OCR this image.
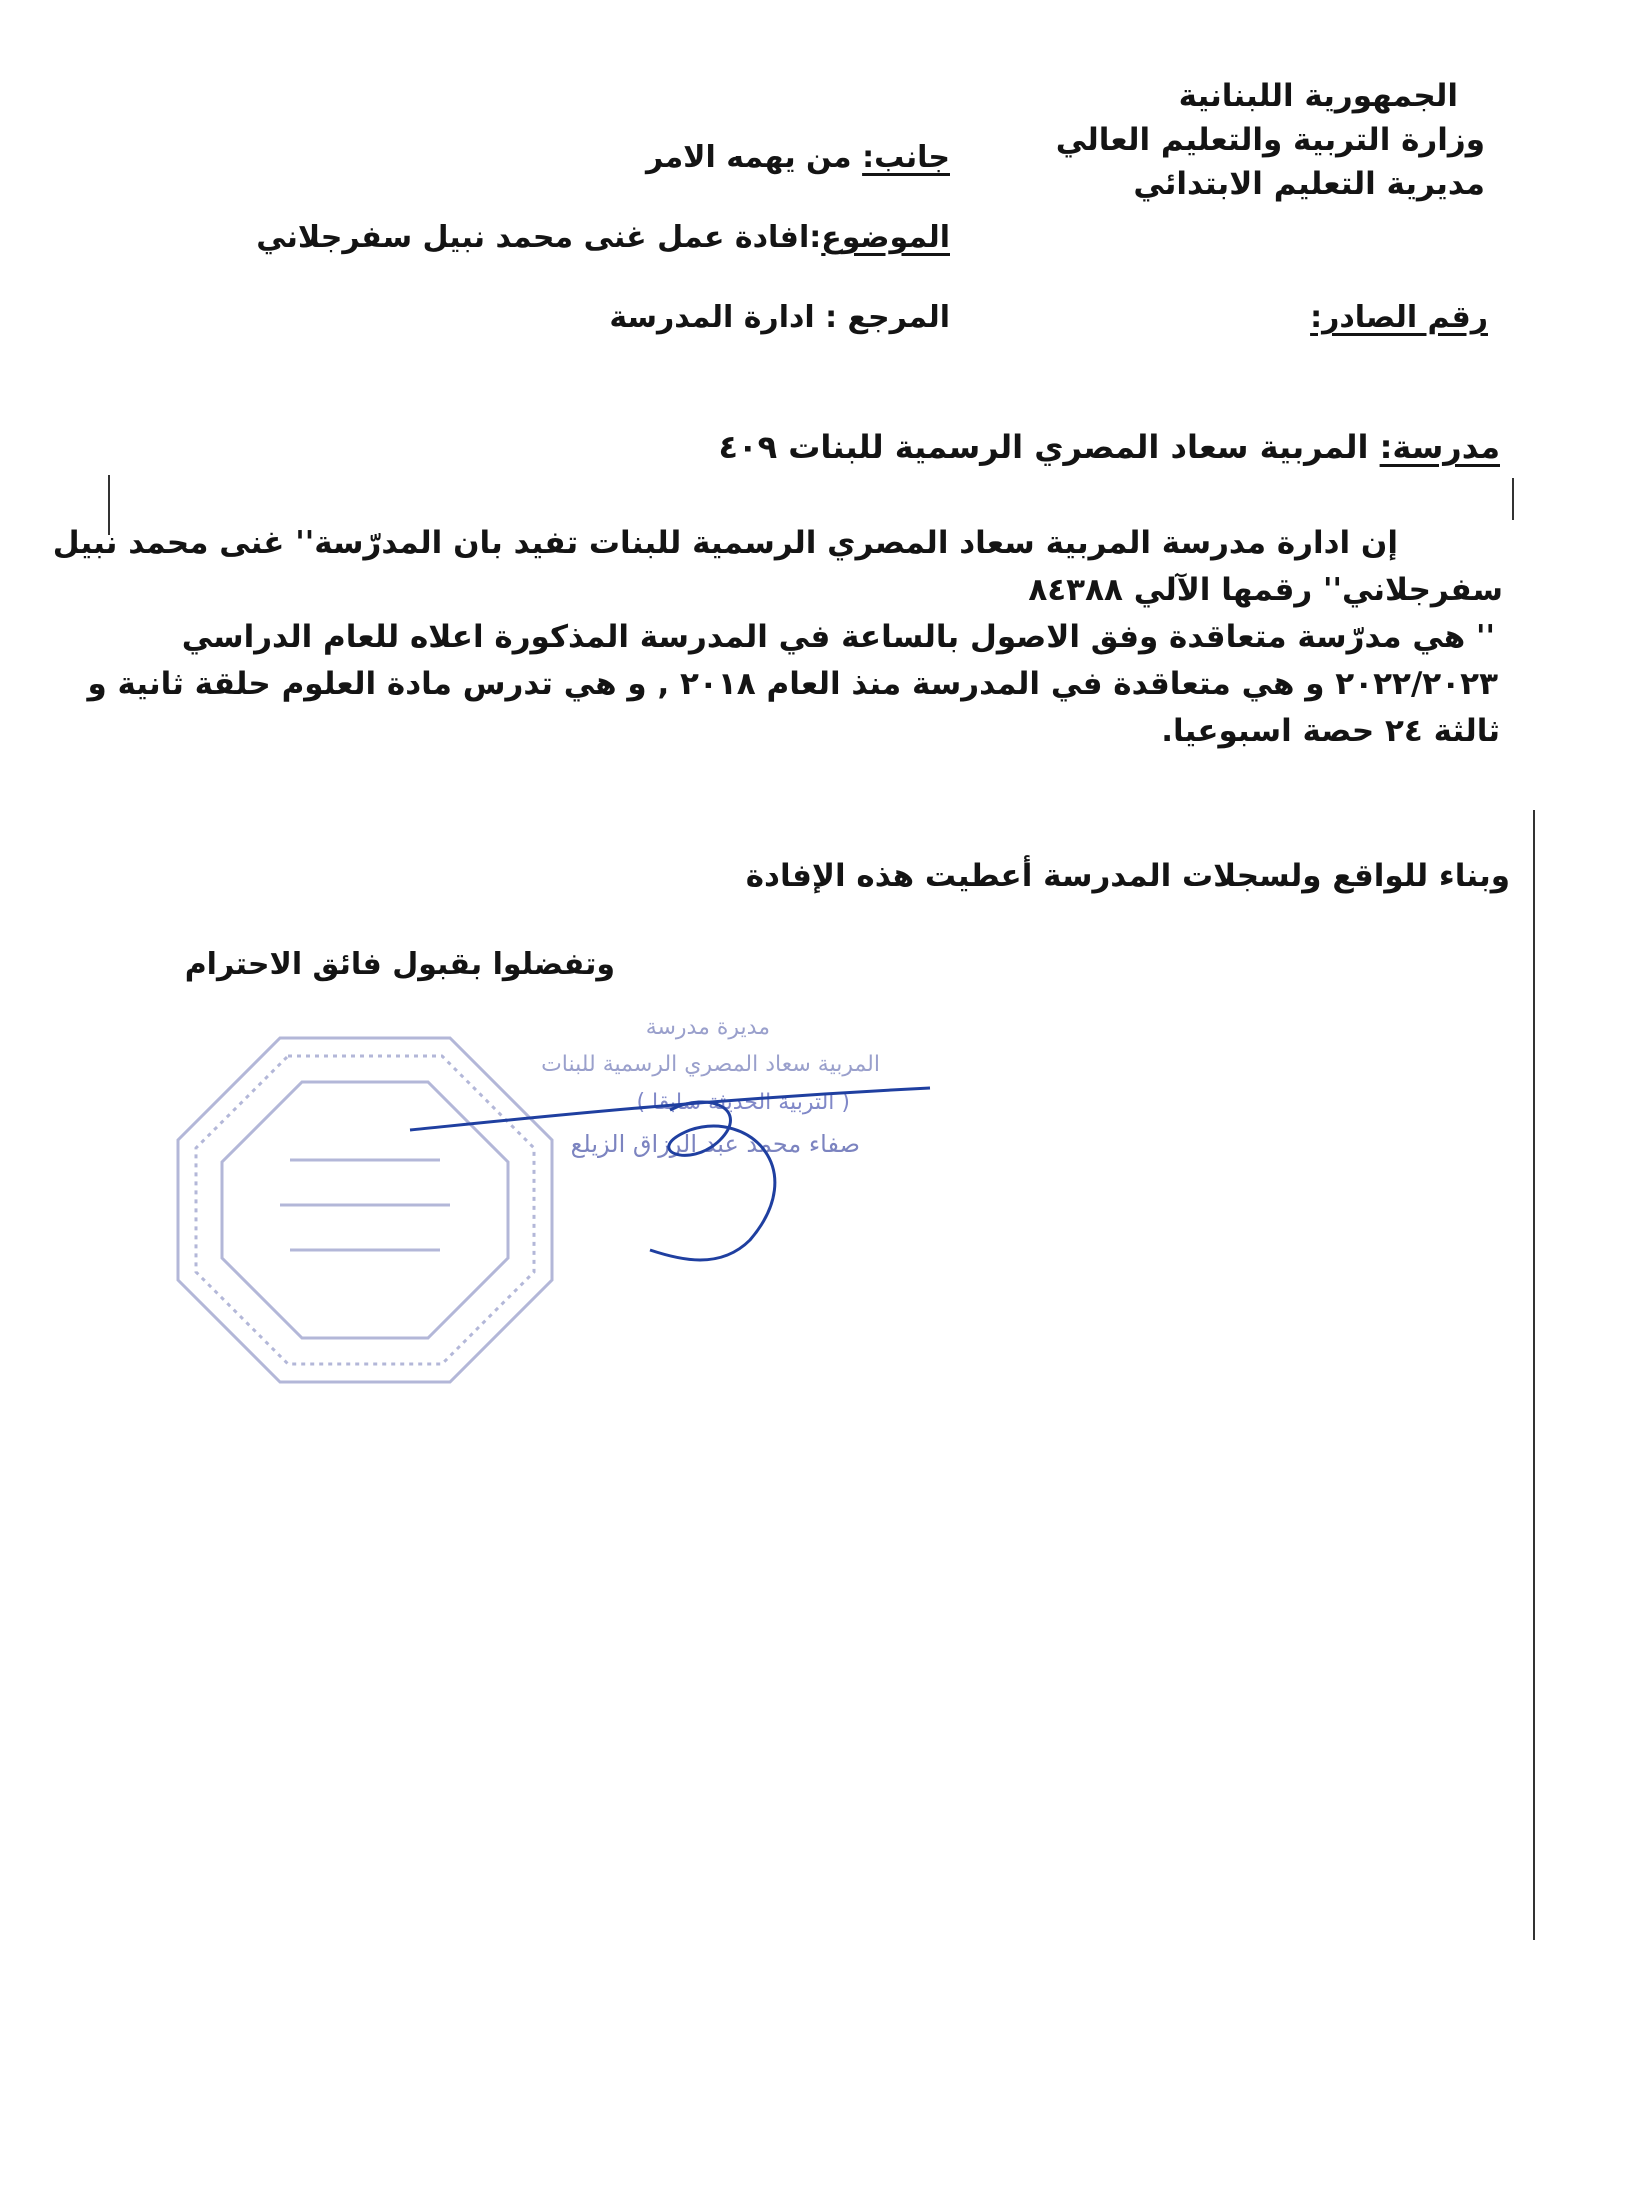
الجمهورية اللبنانية
وزارة التربية والتعليم العالي
مديرية التعليم الابتدائي
جانب: من يهمه الامر
الموضوع:افادة عمل غنى محمد نبيل سفرجلاني
المرجع : ادارة المدرسة	رقم الصادر:
مدرسة: المربية سعاد المصري الرسمية للبنات ٤٠٩
إن ادارة مدرسة المربية سعاد المصري الرسمية للبنات تفيد بان المدرّسة'' غنى محمد نبيل
سفرجلاني'' رقمها الآلي ٨٤٣٨٨
'' هي مدرّسة متعاقدة وفق الاصول بالساعة في المدرسة المذكورة اعلاه للعام الدراسي
٢٠٢٢/٢٠٢٣ و هي متعاقدة في المدرسة منذ العام ٢٠١٨ , و هي تدرس مادة العلوم حلقة ثانية و
ثالثة ٢٤ حصة اسبوعيا.
وبناء للواقع ولسجلات المدرسة أعطيت هذه الإفادة
وتفضلوا بقبول فائق الاحترام
مديرة مدرسة
المربية سعاد المصري الرسمية للبنات
( التربية الحديثة سابقا )
صفاء محمد عبد الرزاق الزيلع
